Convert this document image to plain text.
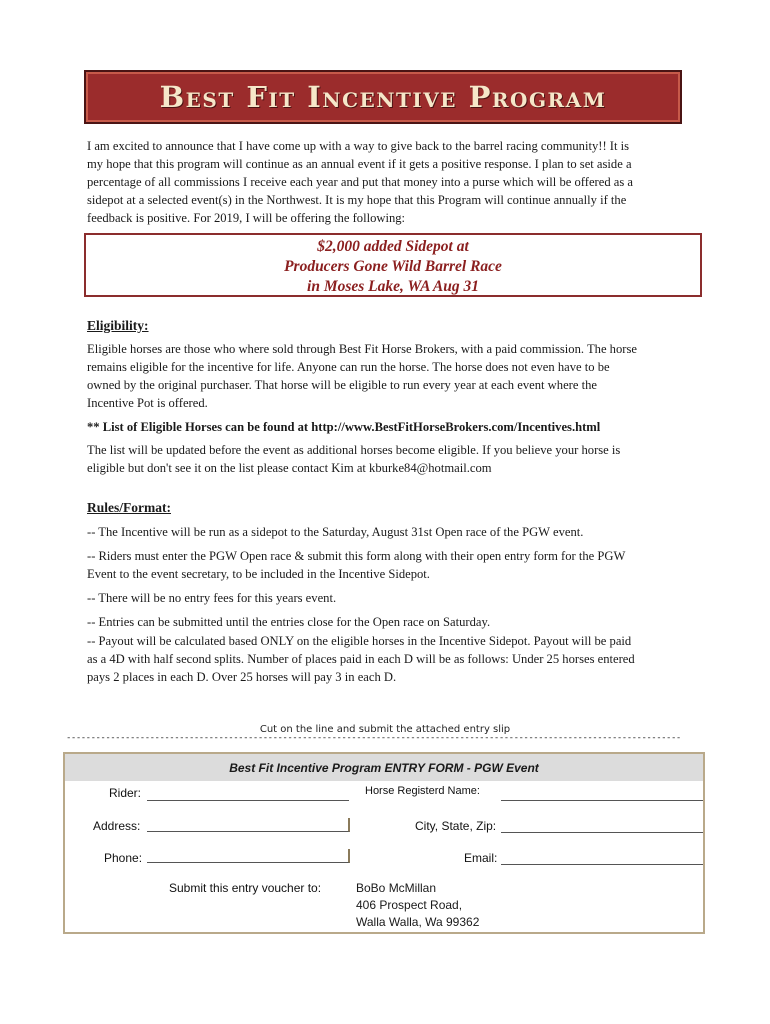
Best Fit Incentive Program
I am excited to announce that I have come up with a way to give back to the barrel racing community!! It is
my hope that this program will continue as an annual event if it gets a positive response. I plan to set aside a
percentage of all commissions I receive each year and put that money into a purse which will be offered as a
sidepot at a selected event(s) in the Northwest. It is my hope that this Program will continue annually if the
feedback is positive. For 2019, I will be offering the following:
$2,000 added Sidepot at
Producers Gone Wild Barrel Race
in Moses Lake, WA Aug 31
Eligibility:
Eligible horses are those who where sold through Best Fit Horse Brokers, with a paid commission. The horse
remains eligible for the incentive for life. Anyone can run the horse. The horse does not even have to be
owned by the original purchaser. That horse will be eligible to run every year at each event where the
Incentive Pot is offered.
** List of Eligible Horses can be found at http://www.BestFitHorseBrokers.com/Incentives.html
The list will be updated before the event as additional horses become eligible. If you believe your horse is
eligible but don't see it on the list please contact Kim at kburke84@hotmail.com
Rules/Format:
-- The Incentive will be run as a sidepot to the Saturday, August 31st Open race of the PGW event.
-- Riders must enter the PGW Open race & submit this form along with their open entry form for the PGW
Event to the event secretary, to be included in the Incentive Sidepot.
-- There will be no entry fees for this years event.
-- Entries can be submitted until the entries close for the Open race on Saturday.
-- Payout will be calculated based ONLY on the eligible horses in the Incentive Sidepot. Payout will be paid
as a 4D with half second splits. Number of places paid in each D will be as follows: Under 25 horses entered
pays 2 places in each D. Over 25 horses will pay 3 in each D.
Cut on the line and submit the attached entry slip
-----------------------------------------------------------------------------------------------------------------------------
Best Fit Incentive Program ENTRY FORM - PGW Event
Rider:	Horse Registerd Name:
Address:	City, State, Zip:
Phone:	Email:
Submit this entry voucher to:	BoBo McMillan
406 Prospect Road,
Walla Walla, Wa 99362
